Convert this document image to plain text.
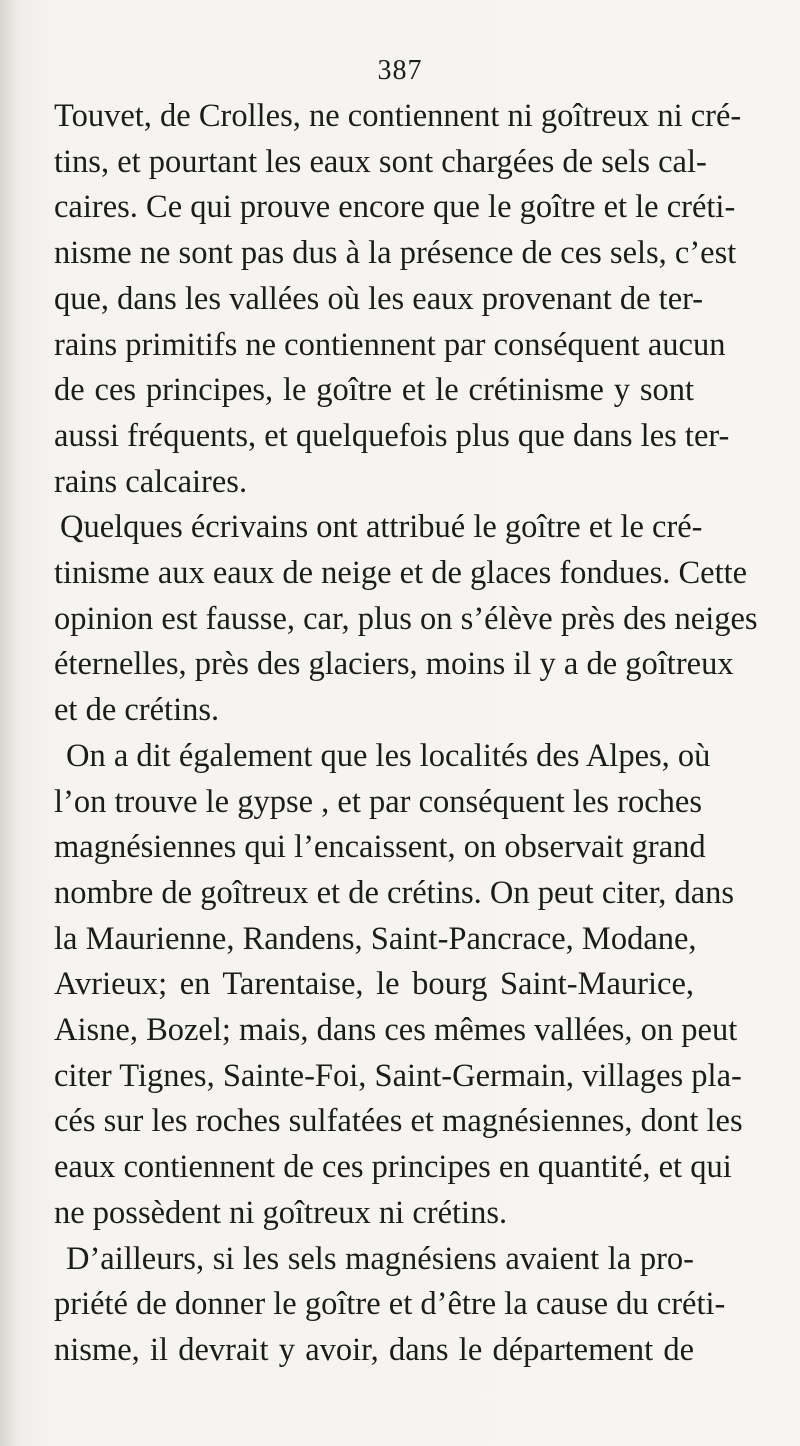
387
Touvet, de Crolles, ne contiennent ni goîtreux ni cré-
tins, et pourtant les eaux sont chargées de sels cal-
caires. Ce qui prouve encore que le goître et le créti-
nisme ne sont pas dus à la présence de ces sels, c’est
que, dans les vallées où les eaux provenant de ter-
rains primitifs ne contiennent par conséquent aucun
de ces principes, le goître et le crétinisme y sont
aussi fréquents, et quelquefois plus que dans les ter-
rains calcaires.
Quelques écrivains ont attribué le goître et le cré-
tinisme aux eaux de neige et de glaces fondues. Cette
opinion est fausse, car, plus on s’élève près des neiges
éternelles, près des glaciers, moins il y a de goîtreux
et de crétins.
On a dit également que les localités des Alpes, où
l’on trouve le gypse , et par conséquent les roches
magnésiennes qui l’encaissent, on observait grand
nombre de goîtreux et de crétins. On peut citer, dans
la Maurienne, Randens, Saint-Pancrace, Modane,
Avrieux; en Tarentaise, le bourg Saint-Maurice,
Aisne, Bozel; mais, dans ces mêmes vallées, on peut
citer Tignes, Sainte-Foi, Saint-Germain, villages pla-
cés sur les roches sulfatées et magnésiennes, dont les
eaux contiennent de ces principes en quantité, et qui
ne possèdent ni goîtreux ni crétins.
D’ailleurs, si les sels magnésiens avaient la pro-
priété de donner le goître et d’être la cause du créti-
nisme, il devrait y avoir, dans le département de
